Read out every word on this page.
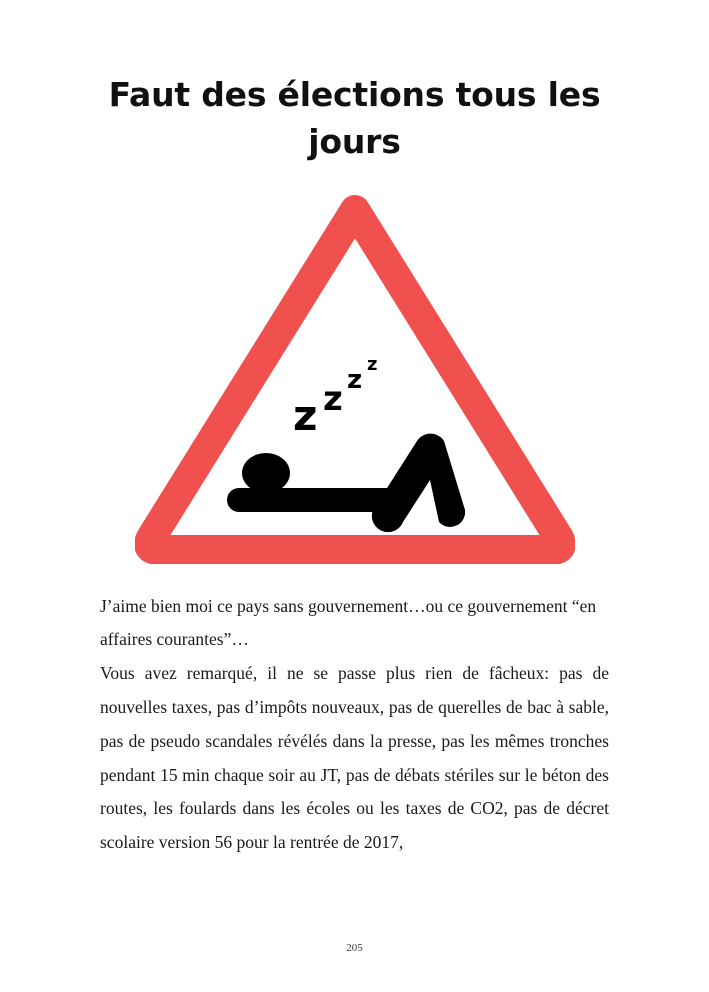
Faut des élections tous les jours
z z z
z

J’aime bien moi ce pays sans gouvernement…ou ce gouvernement “en affaires courantes”…

Vous avez remarqué, il ne se passe plus rien de fâcheux: pas de nouvelles taxes, pas d’impôts nouveaux, pas de querelles de bac à sable, pas de pseudo scandales révélés dans la presse, pas les mêmes tronches pendant 15 min chaque soir au JT, pas de débats stériles sur le béton des routes, les foulards dans les écoles ou les taxes de CO2, pas de décret scolaire version 56 pour la rentrée de 2017,

205
